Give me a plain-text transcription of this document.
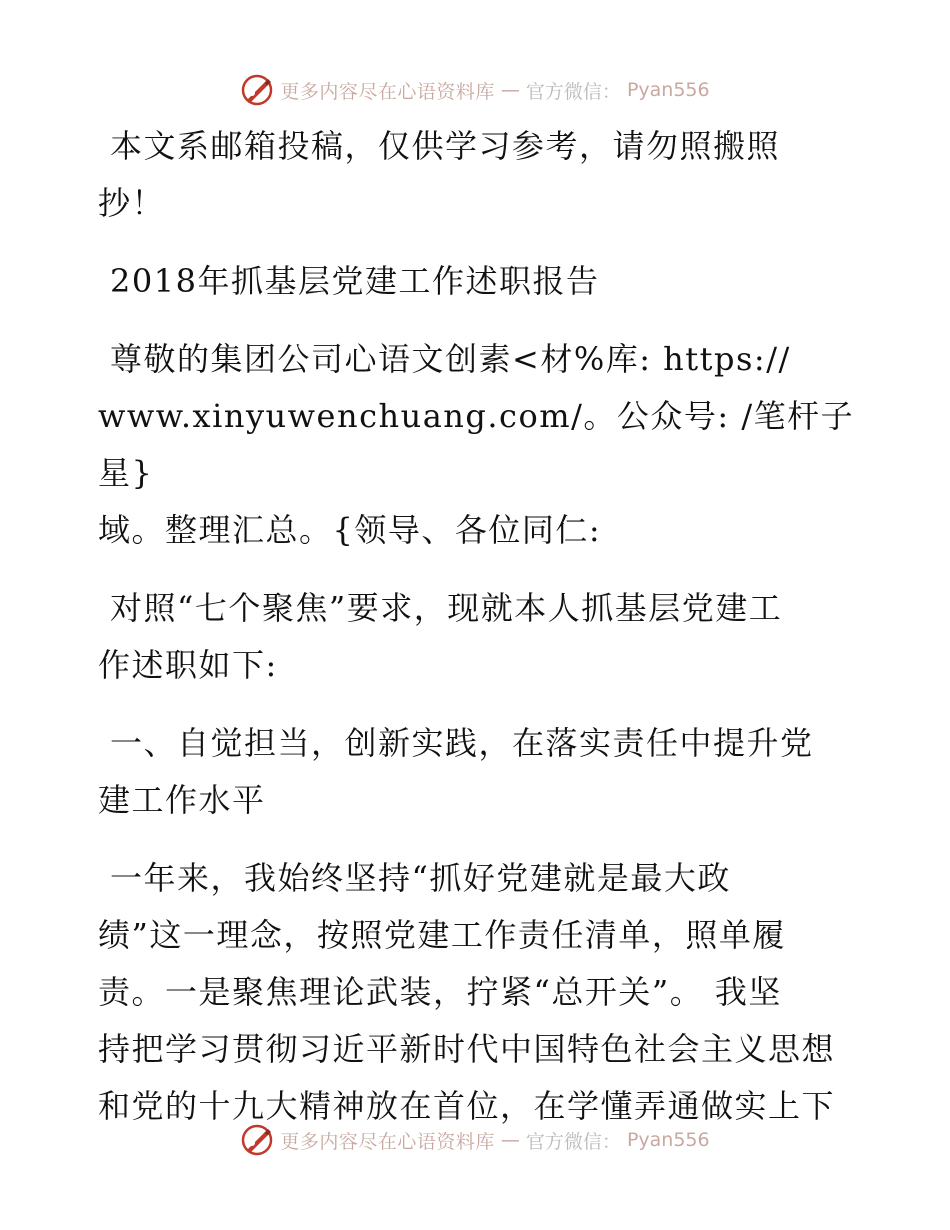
更多内容尽在心语资料库 — 官方微信： Pyan556

本文系邮箱投稿，仅供学习参考，请勿照搬照
抄！

2018年抓基层党建工作述职报告

尊敬的集团公司心语文创素<材%库: https://
www.xinyuwenchuang.com/。公众号: /笔杆子星}
域。整理汇总。{领导、各位同仁:

对照“七个聚焦”要求，现就本人抓基层党建工
作述职如下:

一、自觉担当，创新实践，在落实责任中提升党
建工作水平

一年来，我始终坚持“抓好党建就是最大政
绩”这一理念，按照党建工作责任清单，照单履
责。一是聚焦理论武装，拧紧“总开关”。 我坚
持把学习贯彻习近平新时代中国特色社会主义思想
和党的十九大精神放在首位，在学懂弄通做实上下

更多内容尽在心语资料库 — 官方微信： Pyan556
